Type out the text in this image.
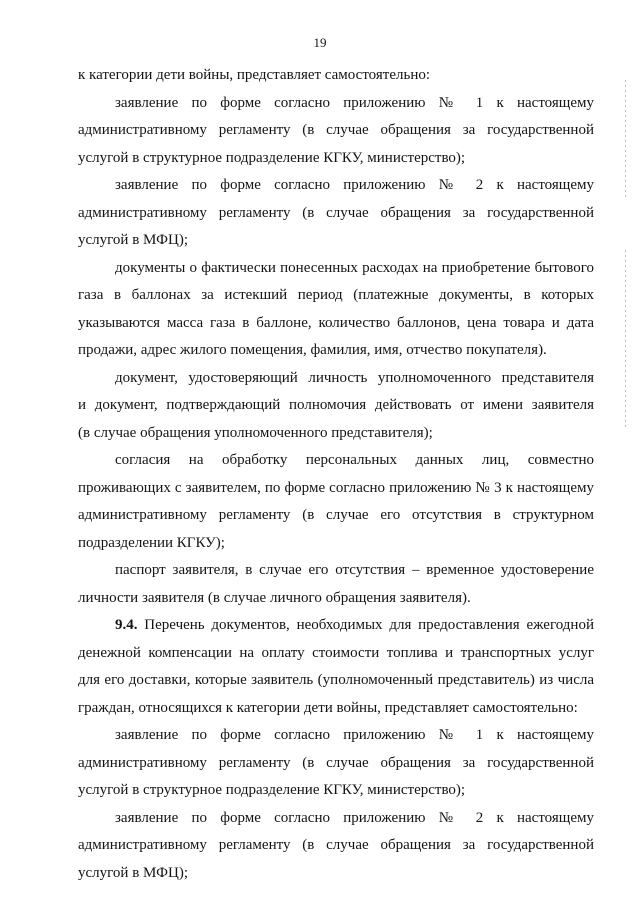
19
к категории дети войны, представляет самостоятельно:
заявление по форме согласно приложению № 1 к настоящему
административному регламенту (в случае обращения за государственной
услугой в структурное подразделение КГКУ, министерство);
заявление по форме согласно приложению № 2 к настоящему
административному регламенту (в случае обращения за государственной
услугой в МФЦ);
документы о фактически понесенных расходах на приобретение бытового
газа в баллонах за истекший период (платежные документы, в которых
указываются масса газа в баллоне, количество баллонов, цена товара и дата
продажи, адрес жилого помещения, фамилия, имя, отчество покупателя).
документ, удостоверяющий личность уполномоченного представителя
и документ, подтверждающий полномочия действовать от имени заявителя
(в случае обращения уполномоченного представителя);
согласия на обработку персональных данных лиц, совместно
проживающих с заявителем, по форме согласно приложению № 3 к настоящему
административному регламенту (в случае его отсутствия в структурном
подразделении КГКУ);
паспорт заявителя, в случае его отсутствия – временное удостоверение
личности заявителя (в случае личного обращения заявителя).
9.4. Перечень документов, необходимых для предоставления ежегодной
денежной компенсации на оплату стоимости топлива и транспортных услуг
для его доставки, которые заявитель (уполномоченный представитель) из числа
граждан, относящихся к категории дети войны, представляет самостоятельно:
заявление по форме согласно приложению № 1 к настоящему
административному регламенту (в случае обращения за государственной
услугой в структурное подразделение КГКУ, министерство);
заявление по форме согласно приложению № 2 к настоящему
административному регламенту (в случае обращения за государственной
услугой в МФЦ);
